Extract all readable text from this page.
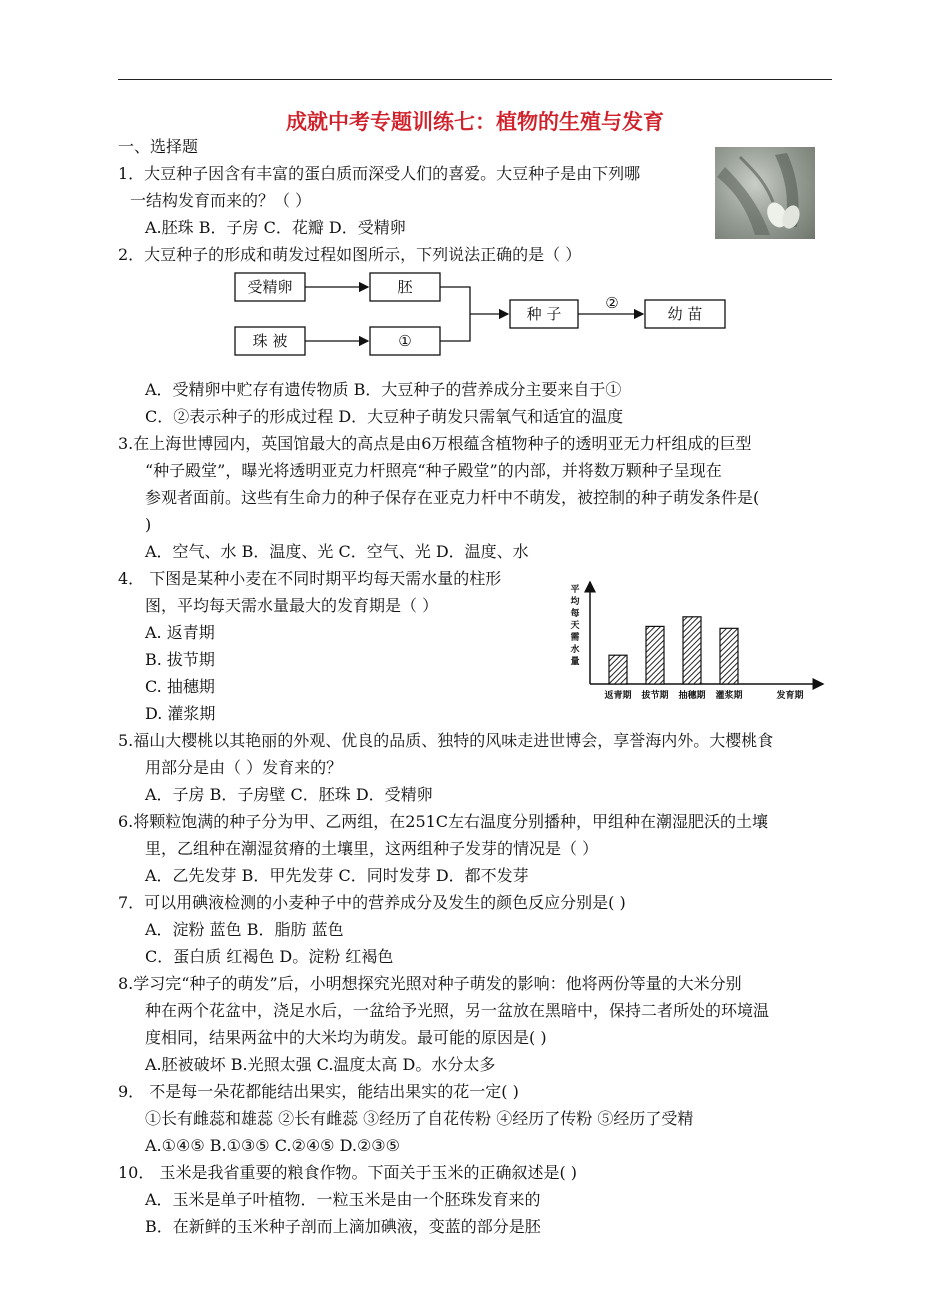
成就中考专题训练七：植物的生殖与发育
一、选择题
1．大豆种子因含有丰富的蛋白质而深受人们的喜爱。大豆种子是由下列哪
一结构发育而来的？（ ）
A.胚珠 B．子房 C．花瓣 D．受精卵
2．大豆种子的形成和萌发过程如图所示，下列说法正确的是（ ）
受精卵
珠 被
胚
①
种 子
②
幼 苗
A．受精卵中贮存有遗传物质 B．大豆种子的营养成分主要来自于①
C．②表示种子的形成过程 D．大豆种子萌发只需氧气和适宜的温度
3.在上海世博园内，英国馆最大的高点是由6万根蕴含植物种子的透明亚无力杆组成的巨型
“种子殿堂”，曝光将透明亚克力杆照亮“种子殿堂”的内部，并将数万颗种子呈现在
参观者面前。这些有生命力的种子保存在亚克力杆中不萌发，被控制的种子萌发条件是(
)
A．空气、水 B．温度、光 C．空气、光 D．温度、水
4． 下图是某种小麦在不同时期平均每天需水量的柱形
图，平均每天需水量最大的发育期是（ ）
A. 返青期
B. 拔节期
C. 抽穗期
D. 灌浆期
平
均
每
天
需
水
量
返青期 拔节期 抽穗期 灌浆期	发育期
5.福山大樱桃以其艳丽的外观、优良的品质、独特的风味走进世博会，享誉海内外。大樱桃食
用部分是由（ ）发育来的？
A．子房 B．子房壁 C．胚珠 D．受精卵
6.将颗粒饱满的种子分为甲、乙两组，在251C左右温度分别播种，甲组种在潮湿肥沃的土壤
里，乙组种在潮湿贫瘠的土壤里，这两组种子发芽的情况是（ ）
A．乙先发芽 B．甲先发芽 C．同时发芽 D．都不发芽
7．可以用碘液检测的小麦种子中的营养成分及发生的颜色反应分别是( )
A．淀粉 蓝色 B．脂肪 蓝色
C．蛋白质 红褐色 D。淀粉 红褐色
8.学习完“种子的萌发”后，小明想探究光照对种子萌发的影响：他将两份等量的大米分别
种在两个花盆中，浇足水后，一盆给予光照，另一盆放在黑暗中，保持二者所处的环境温
度相同，结果两盆中的大米均为萌发。最可能的原因是( )
A.胚被破坏 B.光照太强 C.温度太高 D。水分太多
9． 不是每一朵花都能结出果实，能结出果实的花一定( )
①长有雌蕊和雄蕊 ②长有雌蕊 ③经历了自花传粉 ④经历了传粉 ⑤经历了受精
A.①④⑤ B.①③⑤ C.②④⑤ D.②③⑤
10． 玉米是我省重要的粮食作物。下面关于玉米的正确叙述是( )
A．玉米是单子叶植物．一粒玉米是由一个胚珠发育来的
B．在新鲜的玉米种子剖而上滴加碘液，变蓝的部分是胚
